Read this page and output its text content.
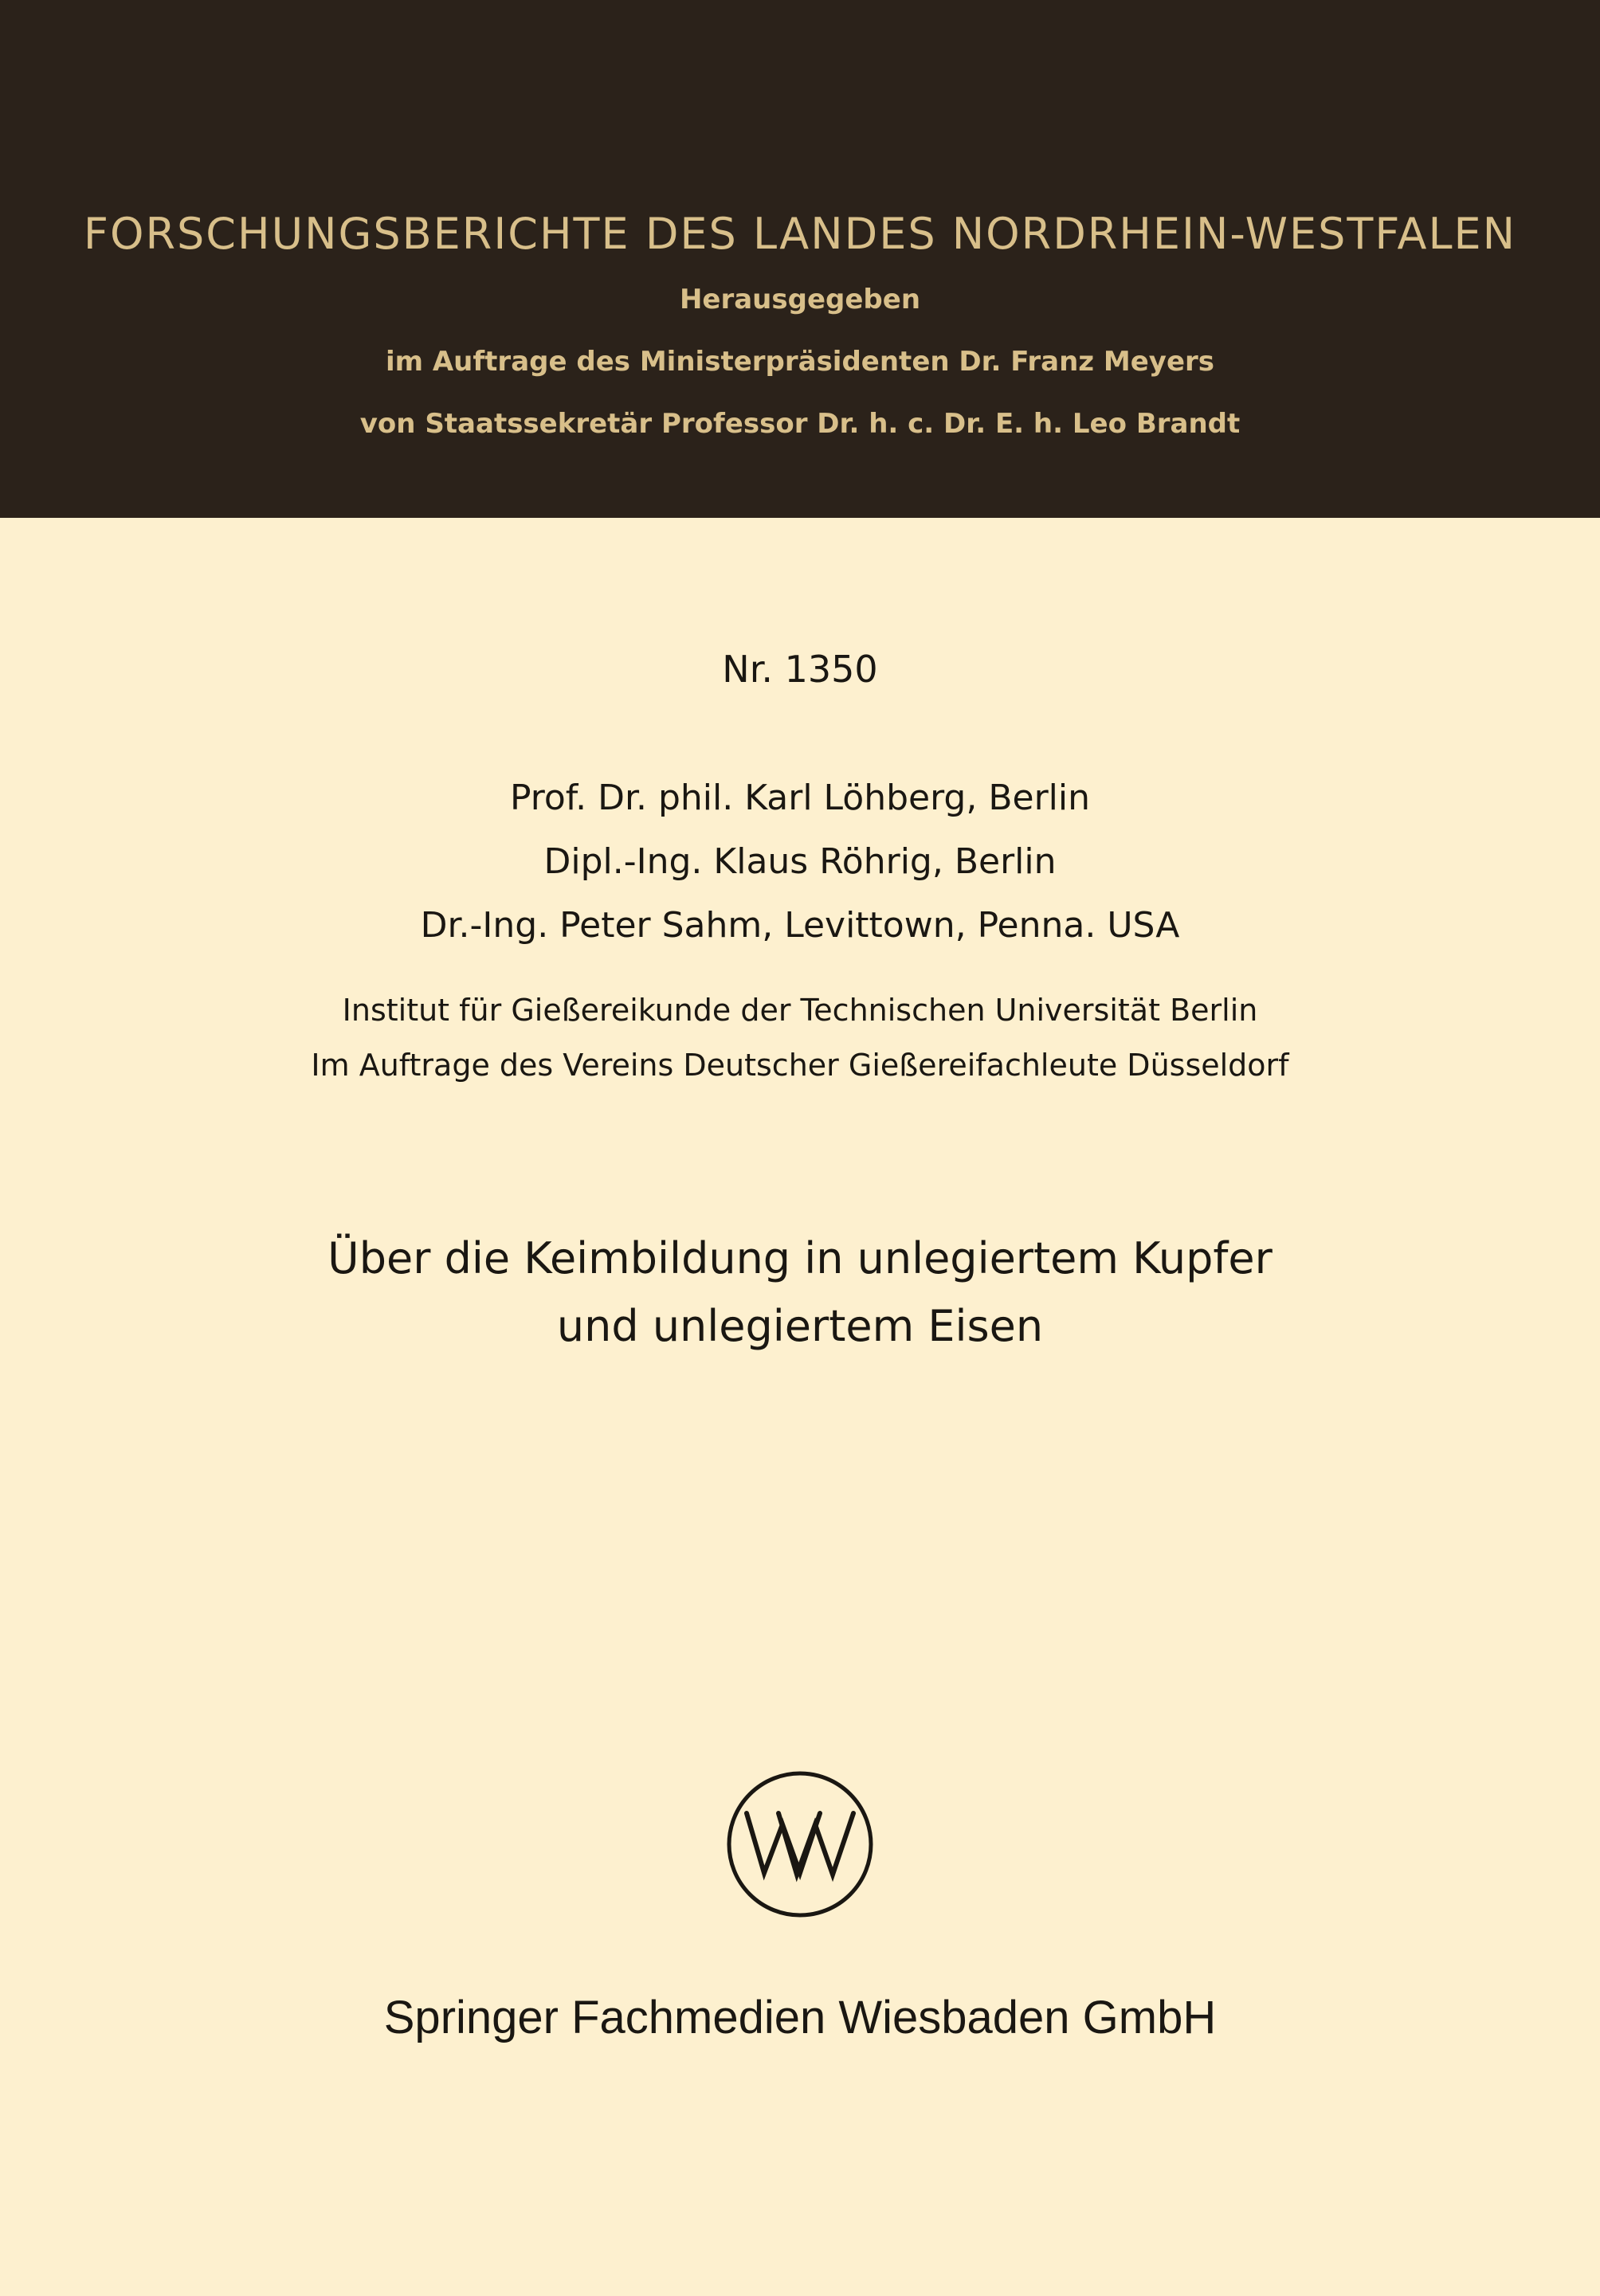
FORSCHUNGSBERICHTE DES LANDES NORDRHEIN-WESTFALEN
Herausgegeben
im Auftrage des Ministerpräsidenten Dr. Franz Meyers
von Staatssekretär Professor Dr. h. c. Dr. E. h. Leo Brandt
Nr. 1350
Prof. Dr. phil. Karl Löhberg, Berlin
Dipl.-Ing. Klaus Röhrig, Berlin
Dr.-Ing. Peter Sahm, Levittown, Penna. USA
Institut für Gießereikunde der Technischen Universität Berlin
Im Auftrage des Vereins Deutscher Gießereifachleute Düsseldorf
Über die Keimbildung in unlegiertem Kupfer
und unlegiertem Eisen
Springer Fachmedien Wiesbaden GmbH
